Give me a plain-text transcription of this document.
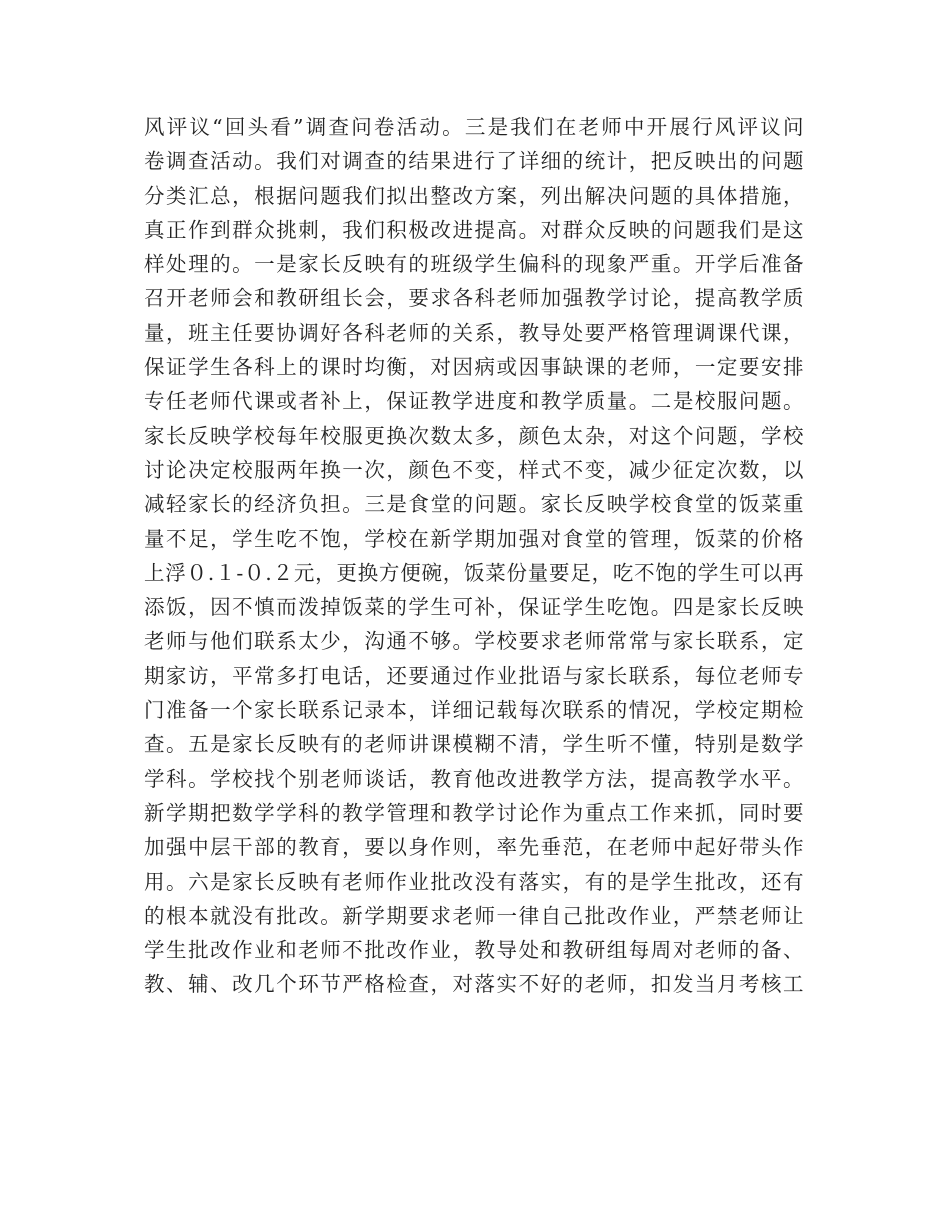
风评议“回头看”调查问卷活动。三是我们在老师中开展行风评议问
卷调查活动。我们对调查的结果进行了详细的统计，把反映出的问题
分类汇总，根据问题我们拟出整改方案，列出解决问题的具体措施，
真正作到群众挑刺，我们积极改进提高。对群众反映的问题我们是这
样处理的。一是家长反映有的班级学生偏科的现象严重。开学后准备
召开老师会和教研组长会，要求各科老师加强教学讨论，提高教学质
量，班主任要协调好各科老师的关系，教导处要严格管理调课代课，
保证学生各科上的课时均衡，对因病或因事缺课的老师，一定要安排
专任老师代课或者补上，保证教学进度和教学质量。二是校服问题。
家长反映学校每年校服更换次数太多，颜色太杂，对这个问题，学校
讨论决定校服两年换一次，颜色不变，样式不变，减少征定次数，以
减轻家长的经济负担。三是食堂的问题。家长反映学校食堂的饭菜重
量不足，学生吃不饱，学校在新学期加强对食堂的管理，饭菜的价格
上浮０.１-０.２元，更换方便碗，饭菜份量要足，吃不饱的学生可以再
添饭，因不慎而泼掉饭菜的学生可补，保证学生吃饱。四是家长反映
老师与他们联系太少，沟通不够。学校要求老师常常与家长联系，定
期家访，平常多打电话，还要通过作业批语与家长联系，每位老师专
门准备一个家长联系记录本，详细记载每次联系的情况，学校定期检
查。五是家长反映有的老师讲课模糊不清，学生听不懂，特别是数学
学科。学校找个别老师谈话，教育他改进教学方法，提高教学水平。
新学期把数学学科的教学管理和教学讨论作为重点工作来抓，同时要
加强中层干部的教育，要以身作则，率先垂范，在老师中起好带头作
用。六是家长反映有老师作业批改没有落实，有的是学生批改，还有
的根本就没有批改。新学期要求老师一律自己批改作业，严禁老师让
学生批改作业和老师不批改作业，教导处和教研组每周对老师的备、
教、辅、改几个环节严格检查，对落实不好的老师，扣发当月考核工
